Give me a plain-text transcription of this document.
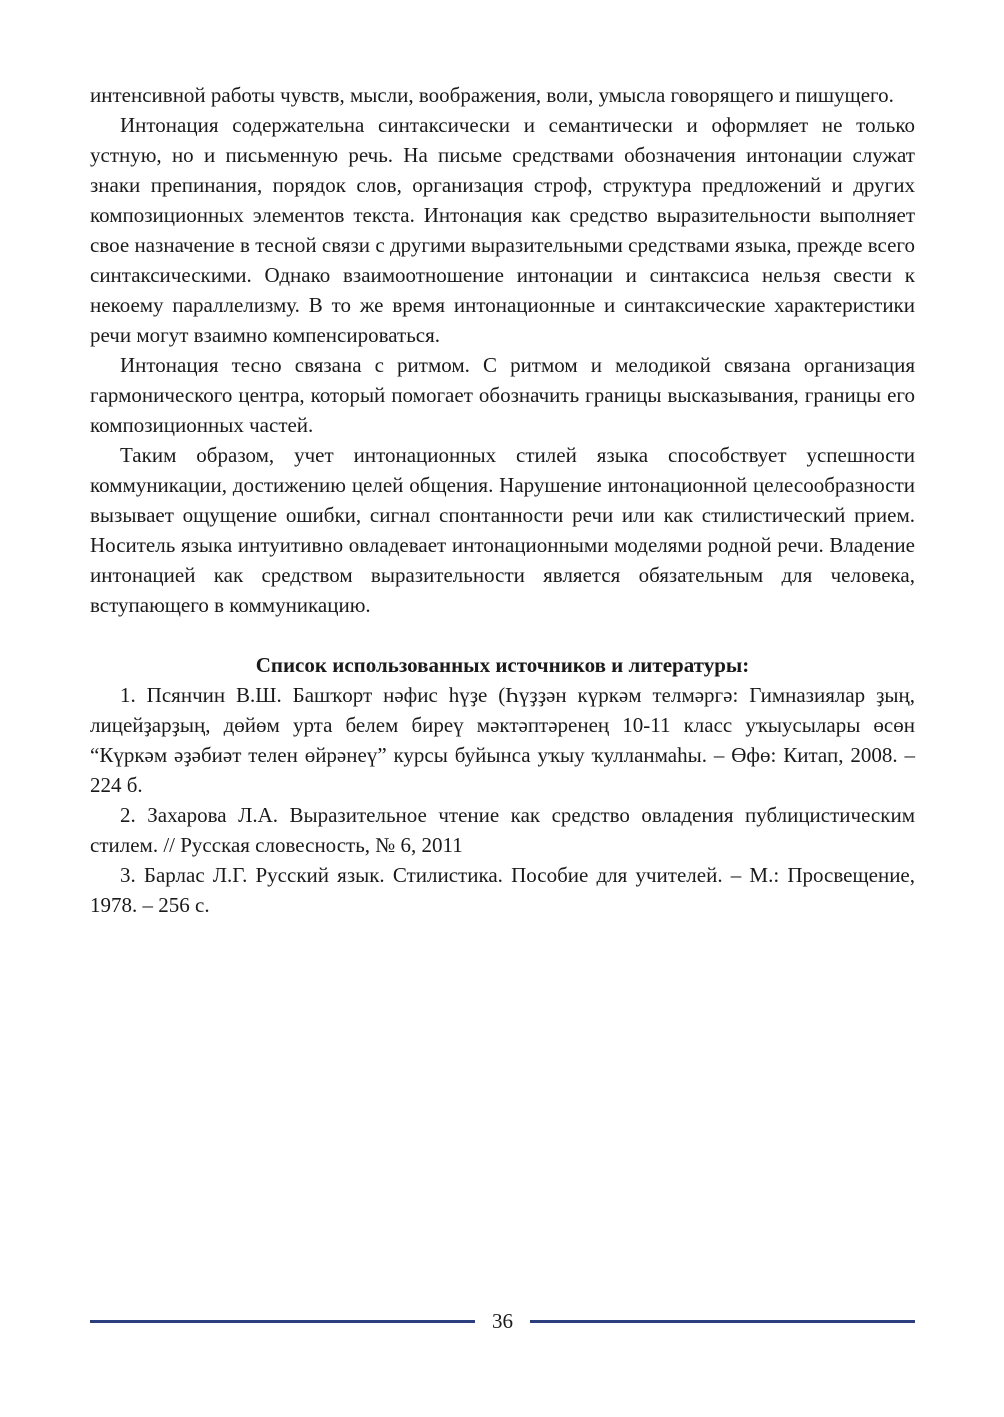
интенсивной работы чувств, мысли, воображения, воли, умысла говорящего и пишущего.

Интонация содержательна синтаксически и семантически и оформляет не только устную, но и письменную речь. На письме средствами обозначения интонации служат знаки препинания, порядок слов, организация строф, структура предложений и других композиционных элементов текста. Интонация как средство выразительности выполняет свое назначение в тесной связи с другими выразительными средствами языка, прежде всего синтаксическими. Однако взаимоотношение интонации и синтаксиса нельзя свести к некоему параллелизму. В то же время интонационные и синтаксические характеристики речи могут взаимно компенсироваться.

Интонация тесно связана с ритмом. С ритмом и мелодикой связана организация гармонического центра, который помогает обозначить границы высказывания, границы его композиционных частей.

Таким образом, учет интонационных стилей языка способствует успешности коммуникации, достижению целей общения. Нарушение интонационной целесообразности вызывает ощущение ошибки, сигнал спонтанности речи или как стилистический прием. Носитель языка интуитивно овладевает интонационными моделями родной речи. Владение интонацией как средством выразительности является обязательным для человека, вступающего в коммуникацию.

Список использованных источников и литературы:

1. Псянчин В.Ш. Башҡорт нәфис һүҙе (Һүҙҙән күркәм телмәргә: Гимназиялар ҙың, лицейҙарҙың, дөйөм урта белем биреү мәктәптәренең 10-11 класс уҡыусылары өсөн “Күркәм әҙәбиәт телен өйрәнеү” курсы буйынса уҡыу ҡулланмаһы. – Өфө: Китап, 2008. – 224 б.

2. Захарова Л.А. Выразительное чтение как средство овладения публицистическим стилем. // Русская словесность, № 6, 2011

3. Барлас Л.Г. Русский язык. Стилистика. Пособие для учителей. – М.: Просвещение, 1978. – 256 с.

36
